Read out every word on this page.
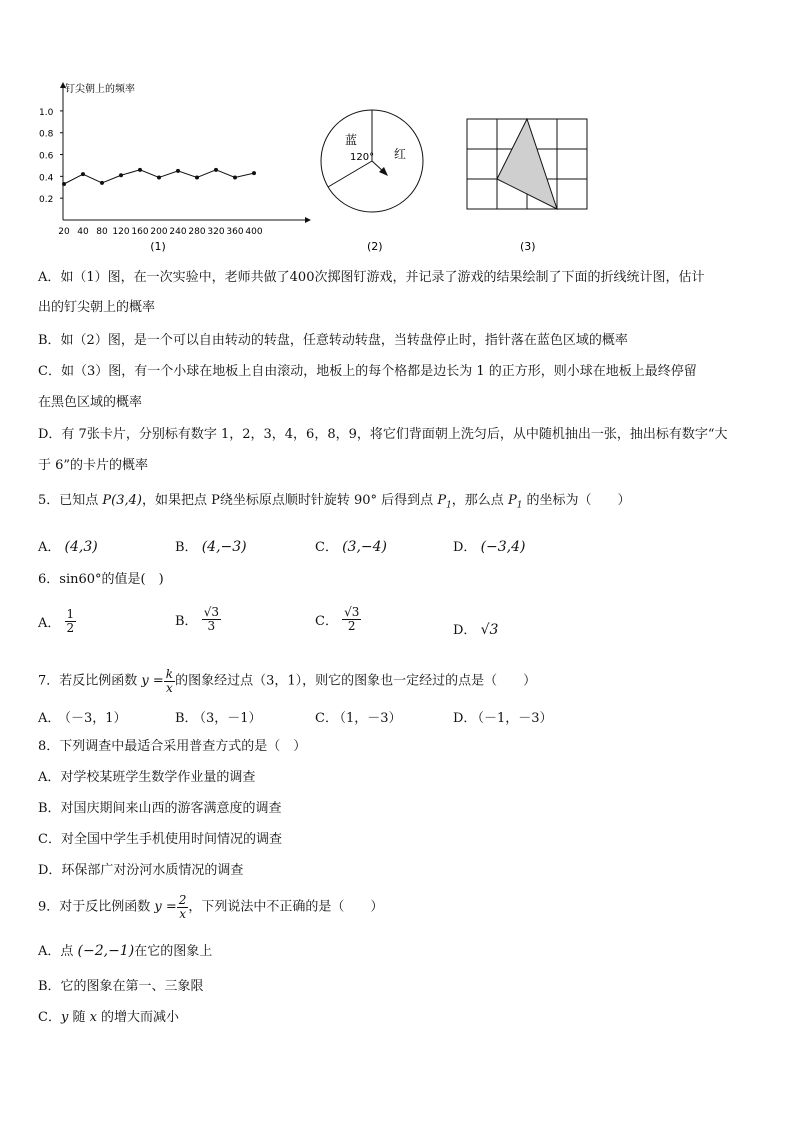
钉尖朝上的频率
1.0
0.8
0.6
0.4
0.2
20 40 80 120 160 200 240 280 320 360 400
(1)
蓝
120° 红
(2)	(3)
A．如（1）图，在一次实验中，老师共做了400次掷图钉游戏，并记录了游戏的结果绘制了下面的折线统计图，估计
出的钉尖朝上的概率
B．如（2）图，是一个可以自由转动的转盘，任意转动转盘，当转盘停止时，指针落在蓝色区域的概率
C．如（3）图，有一个小球在地板上自由滚动，地板上的每个格都是边长为 1 的正方形，则小球在地板上最终停留
在黑色区域的概率
D．有 7张卡片，分别标有数字 1，2，3，4，6，8，9，将它们背面朝上洗匀后，从中随机抽出一张，抽出标有数字“大
于 6”的卡片的概率
5．已知点 P(3,4)，如果把点 P绕坐标原点顺时针旋转 90° 后得到点 $P_1$，那么点 $P_1$ 的坐标为（　　）
A． (4,3)	B． (4,−3)	C． (3,−4)	D． (−3,4)
6．sin60°的值是(　)
A． $\frac{1}{2}$	B． $\frac{√3}{3}$	C． $\frac{√3}{2}$	D． √3
7．若反比例函数 $y = \frac{k}{x}$ 的图象经过点（3，1），则它的图象也一定经过的点是（　　）
A．
（－3，1）	B．
（3，－1）	C．
（1，－3）	D．
（－1，－3）
8．下列调查中最适合采用普查方式的是（　）
A．对学校某班学生数学作业量的调查
B．对国庆期间来山西的游客满意度的调查
C．对全国中学生手机使用时间情况的调查
D．环保部广对汾河水质情况的调查
9．对于反比例函数 $y = \frac{2}{x}$ ，下列说法中不正确的是（　　）
A．点 (−2,−1)在它的图象上
B．它的图象在第一、三象限
C．y 随 x 的增大而减小
